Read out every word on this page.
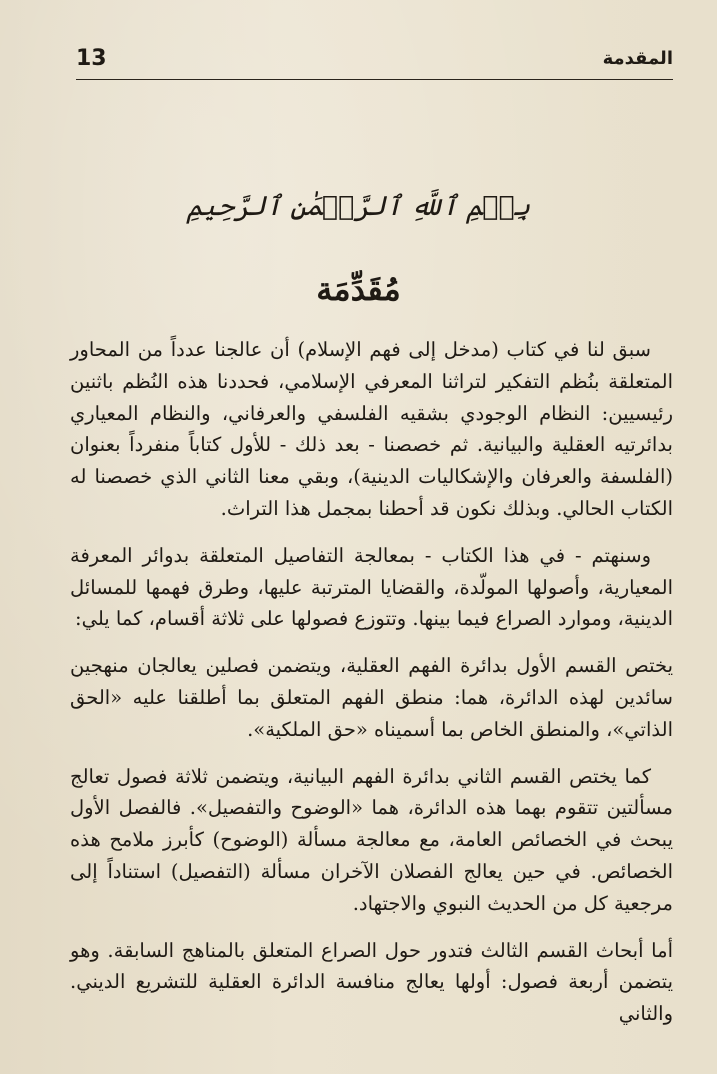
13	المقدمة
بِسۡمِ ٱللَّهِ ٱلرَّحۡمَٰنِ ٱلرَّحِيمِ
مُقَدِّمَة

سبق لنا في كتاب (مدخل إلى فهم الإسلام) أن عالجنا عدداً من المحاور المتعلقة بنُظم التفكير لتراثنا المعرفي الإسلامي، فحددنا هذه النُظم باثنين رئيسيين: النظام الوجودي بشقيه الفلسفي والعرفاني، والنظام المعياري بدائرتيه العقلية والبيانية. ثم خصصنا - بعد ذلك - للأول كتاباً منفرداً بعنوان (الفلسفة والعرفان والإشكاليات الدينية)، وبقي معنا الثاني الذي خصصنا له الكتاب الحالي. وبذلك نكون قد أحطنا بمجمل هذا التراث.

وسنهتم - في هذا الكتاب - بمعالجة التفاصيل المتعلقة بدوائر المعرفة المعيارية، وأصولها المولّدة، والقضايا المترتبة عليها، وطرق فهمها للمسائل الدينية، وموارد الصراع فيما بينها. وتتوزع فصولها على ثلاثة أقسام، كما يلي:

يختص القسم الأول بدائرة الفهم العقلية، ويتضمن فصلين يعالجان منهجين سائدين لهذه الدائرة، هما: منطق الفهم المتعلق بما أطلقنا عليه «الحق الذاتي»، والمنطق الخاص بما أسميناه «حق الملكية».

كما يختص القسم الثاني بدائرة الفهم البيانية، ويتضمن ثلاثة فصول تعالج مسألتين تتقوم بهما هذه الدائرة، هما «الوضوح والتفصيل». فالفصل الأول يبحث في الخصائص العامة، مع معالجة مسألة (الوضوح) كأبرز ملامح هذه الخصائص. في حين يعالج الفصلان الآخران مسألة (التفصيل) استناداً إلى مرجعية كل من الحديث النبوي والاجتهاد.

أما أبحاث القسم الثالث فتدور حول الصراع المتعلق بالمناهج السابقة. وهو يتضمن أربعة فصول: أولها يعالج منافسة الدائرة العقلية للتشريع الديني. والثاني
